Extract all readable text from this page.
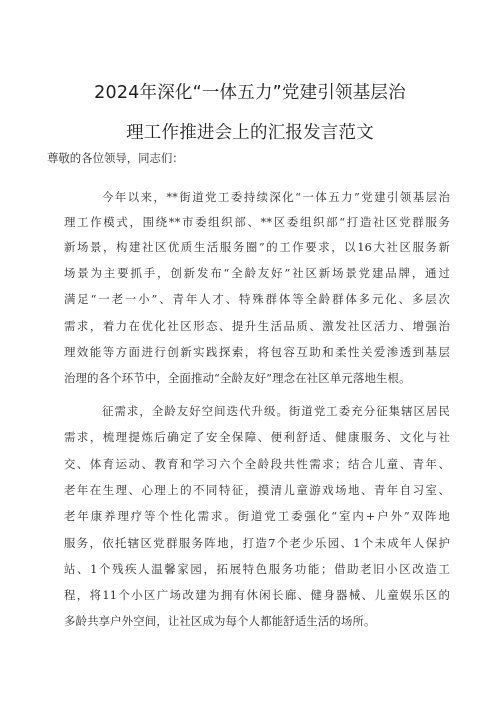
2024年深化“一体五力”党建引领基层治
理工作推进会上的汇报发言范文
尊敬的各位领导，同志们：
今年以来，**街道党工委持续深化“一体五力”党建引领基层治
理工作模式，围绕**市委组织部、**区委组织部“打造社区党群服务
新场景，构建社区优质生活服务圈”的工作要求，以16大社区服务新
场景为主要抓手，创新发布“全龄友好”社区新场景党建品牌，通过
满足“一老一小”、青年人才、特殊群体等全龄群体多元化、多层次
需求，着力在优化社区形态、提升生活品质、激发社区活力、增强治
理效能等方面进行创新实践探索，将包容互助和柔性关爱渗透到基层
治理的各个环节中，全面推动“全龄友好”理念在社区单元落地生根。
征需求，全龄友好空间迭代升级。街道党工委充分征集辖区居民
需求，梳理提炼后确定了安全保障、便利舒适、健康服务、文化与社
交、体育运动、教育和学习六个全龄段共性需求；结合儿童、青年、
老年在生理、心理上的不同特征，摸清儿童游戏场地、青年自习室、
老年康养理疗等个性化需求。街道党工委强化“室内+户外”双阵地
服务，依托辖区党群服务阵地，打造7个老少乐园、1个未成年人保护
站、1个残疾人温馨家园，拓展特色服务功能；借助老旧小区改造工
程，将11个小区广场改建为拥有休闲长廊、健身器械、儿童娱乐区的
多龄共享户外空间，让社区成为每个人都能舒适生活的场所。
